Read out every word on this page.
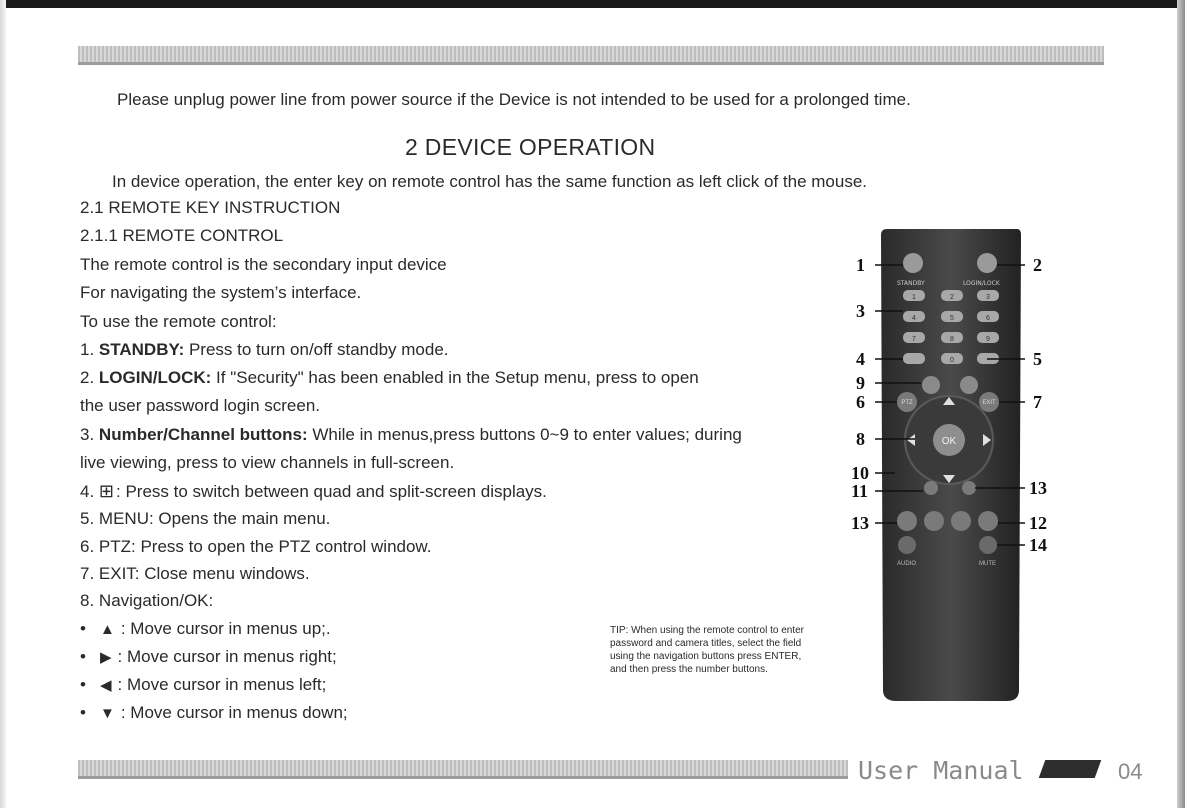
Please unplug power line from power source if the Device is not intended to be used for a prolonged time.
2 DEVICE OPERATION
In device operation, the enter key on remote control has the same function as left click of the mouse.
2.1 REMOTE KEY INSTRUCTION
2.1.1 REMOTE CONTROL
The remote control is the secondary input device
For navigating the system’s interface.
To use the remote control:
1. STANDBY: Press to turn on/off standby mode.
2. LOGIN/LOCK: If "Security" has been enabled in the Setup menu, press to open
the user password login screen.
3. Number/Channel buttons: While in menus,press buttons 0~9 to enter values; during
live viewing, press to view channels in full-screen.
4. ⊞ : Press to switch between quad and split-screen displays.
5. MENU: Opens the main menu.
6. PTZ: Press to open the PTZ control window.
7. EXIT: Close menu windows.
8. Navigation/OK:
• ▲ : Move cursor in menus up;.
• ▶ : Move cursor in menus right;
• ◀ : Move cursor in menus left;
• ▼ : Move cursor in menus down;
TIP: When using the remote control to enter password and camera titles, select the field using the navigation buttons press ENTER, and then press the number buttons.
STANDBY	LOGIN/LOCK
1	2	3
4	5	6
7	8	9
0
PTZ	EXIT
OK
AUDIO	MUTE
1
3
4
9
6
8
10
11
13
2
5
7
13
12
14
User Manual	04
